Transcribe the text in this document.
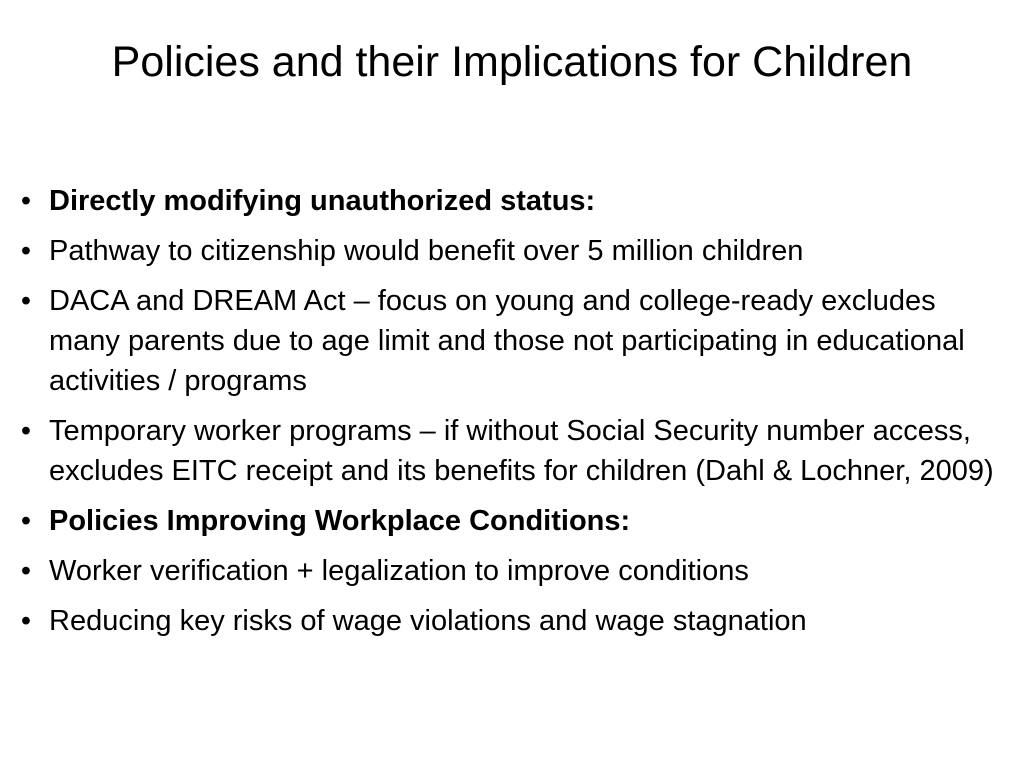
Policies and their Implications for Children
• Directly modifying unauthorized status:
• Pathway to citizenship would benefit over 5 million children
• DACA and DREAM Act – focus on young and college-ready excludes many parents due to age limit and those not participating in educational activities / programs
• Temporary worker programs – if without Social Security number access, excludes EITC receipt and its benefits for children (Dahl & Lochner, 2009)
• Policies Improving Workplace Conditions:
• Worker verification + legalization to improve conditions
• Reducing key risks of wage violations and wage stagnation
